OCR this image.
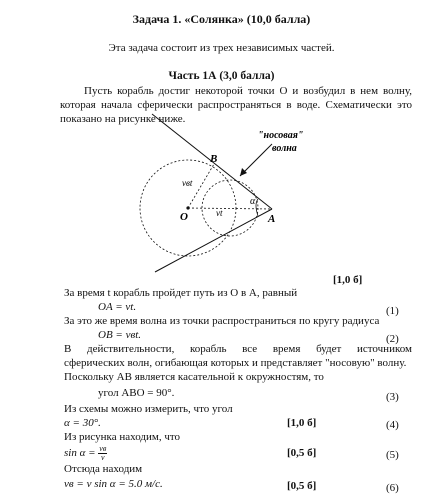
Задача 1. «Солянка» (10,0 балла)
Эта задача состоит из трех независимых частей.
Часть 1А (3,0 балла)
Пусть корабль достиг некоторой точки O и возбудил в нем волну, которая начала сферически распространяться в воде. Схематически это показано на рисунке ниже.
"носовая"
волна
B
vвt
O	vt
α
A
[1,0 б]
За время t корабль пройдет путь из O в A, равный
OA = vt.	(1)
За это же время волна из точки распространиться по кругу радиуса
OB = vвt.	(2)
В действительности, корабль все время будет источником
сферических волн, огибающая которых и представляет "носовую" волну.
Поскольку AB является касательной к окружностям, то
угол ABO = 90°.	(3)
Из схемы можно измерить, что угол
α = 30°.	[1,0 б]	(4)
Из рисунка находим, что
$\sin \alpha = \frac{vв}{v}$	[0,5 б]	(5)
Отсюда находим
vв = v sin α = 5.0 м/с.	[0,5 б]	(6)
